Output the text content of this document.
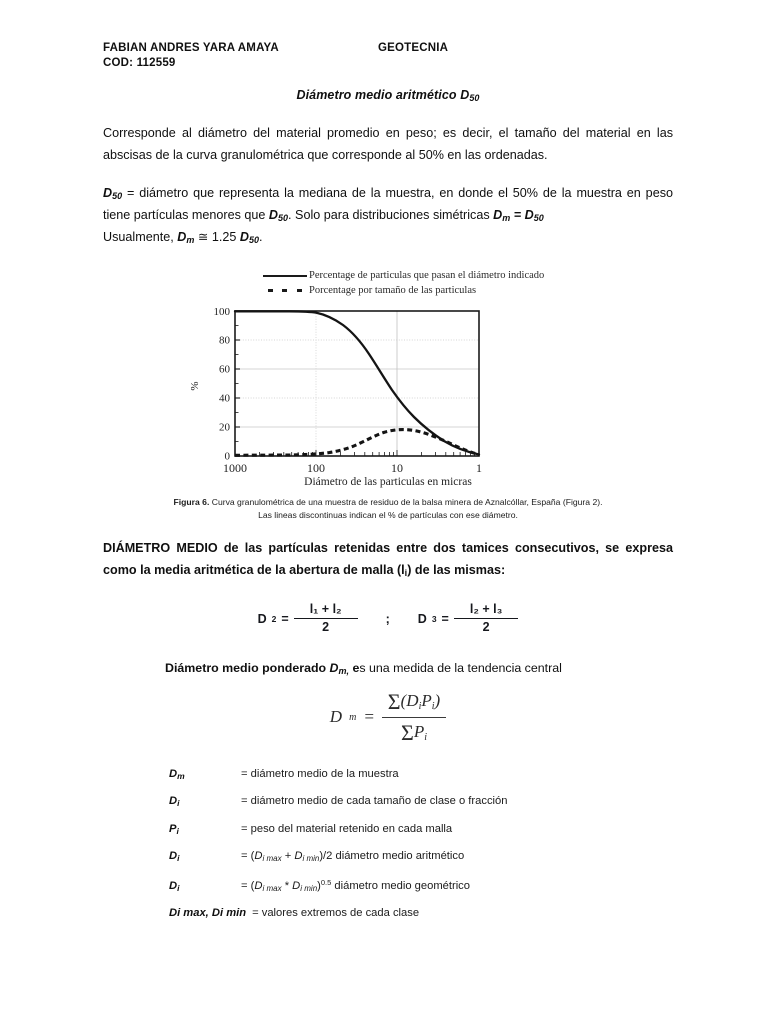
FABIAN ANDRES YARA AMAYA	GEOTECNIA
COD: 112559
Diámetro medio aritmético $D_{50}$

Corresponde al diámetro del material promedio en peso; es decir, el tamaño del material en las abscisas de la curva granulométrica que corresponde al 50% en las ordenadas.

D50 = diámetro que representa la mediana de la muestra, en donde el 50% de la muestra en peso tiene partículas menores que D50. Solo para distribuciones simétricas Dm = D50
Usualmente, Dm ≅ 1.25 D50.

Percentage de particulas que pasan el diámetro indicado
Porcentage por tamaño de las particulas
0
20
40
60
80
100
1000	100	10	1
%
Diámetro de las particulas en micras
Figura 6. Curva granulométrica de una muestra de residuo de la balsa minera de Aznalcóllar, España (Figura 2).
Las lineas discontinuas indican el % de partículas con ese diámetro.

DIÁMETRO MEDIO de las partículas retenidas entre dos tamices consecutivos, se expresa como la media aritmética de la abertura de malla $(l_i)$ de las mismas:

D $2 = \frac{\text{l₁ + l₂}}{2}$ ; D $3 = \frac{\text{l₂ + l₃}}{2}$
Diámetro medio ponderado Dm, es una medida de la tendencia central
D $m = \frac{\text{Σ(DiPi)}}{\text{ΣPi}}$
Dm	= diámetro medio de la muestra
Di	= diámetro medio de cada tamaño de clase o fracción
Pi	= peso del material retenido en cada malla
Di	= (Di max + Di min)/2 diámetro medio aritmético
Di	= (Di max * Di min)$^{0.5}$ diámetro medio geométrico
Di max, Di min = valores extremos de cada clase
